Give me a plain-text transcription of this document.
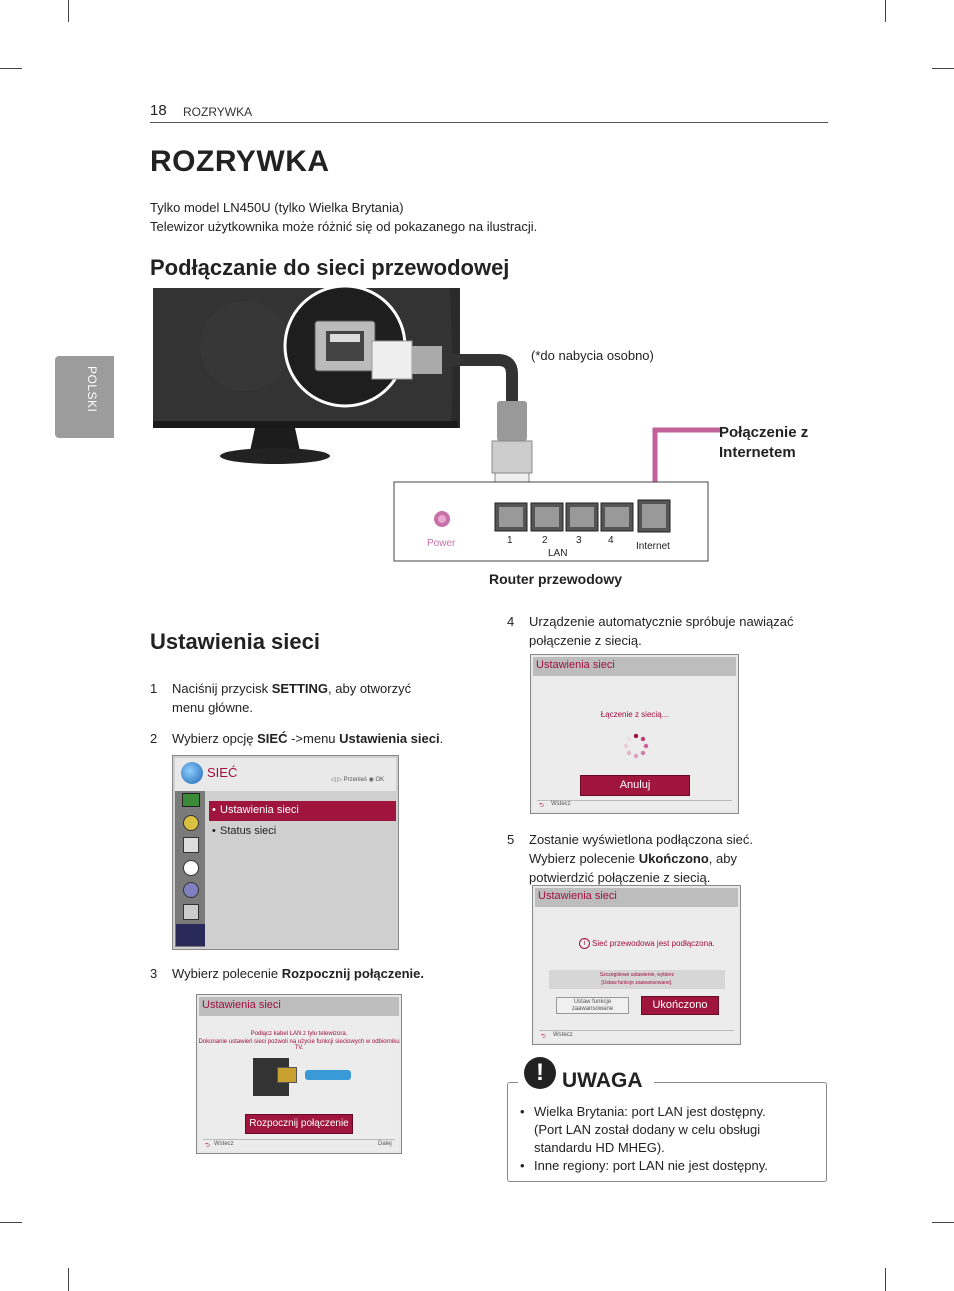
18 ROZRYWKA
ROZRYWKA
Tylko model LN450U (tylko Wielka Brytania)
Telewizor użytkownika może różnić się od pokazanego na ilustracji.
POLSKI
Podłączanie do sieci przewodowej
(*do nabycia osobno)
Połączenie z
Internetem
Power	1	2	3	4
LAN
Internet
Router przewodowy
Ustawienia sieci
1 Naciśnij przycisk SETTING, aby otworzyć
menu główne.
2 Wybierz opcję SIEĆ ->menu Ustawienia sieci.
SIEĆ	◁ ▷ Przenieś ◉ OK
• Ustawienia sieci
• Status sieci
3 Wybierz polecenie Rozpocznij połączenie.
Ustawienia sieci
Podłącz kabel LAN z tyłu telewizora.
Dokonanie ustawień sieci pozwoli na użycie funkcji sieciowych w odbiorniku TV.
Rozpocznij połączenie
⮌ Wstecz	Dalej
4 Urządzenie automatycznie spróbuje nawiązać
połączenie z siecią.
Ustawienia sieci
Łączenie z siecią...
Anuluj
⮌ Wstecz
5 Zostanie wyświetlona podłączona sieć.
Wybierz polecenie Ukończono, aby
potwierdzić połączenie z siecią.
Ustawienia sieci
i Sieć przewodowa jest podłączona.
Szczegółowe ustawienie, wybierz
[Ustaw funkcje zaawansowane].
Ustaw funkcje
zaawansowane	Ukończono
⮌ Wstecz
! UWAGA
• Wielka Brytania: port LAN jest dostępny.
(Port LAN został dodany w celu obsługi
standardu HD MHEG).
• Inne regiony: port LAN nie jest dostępny.
